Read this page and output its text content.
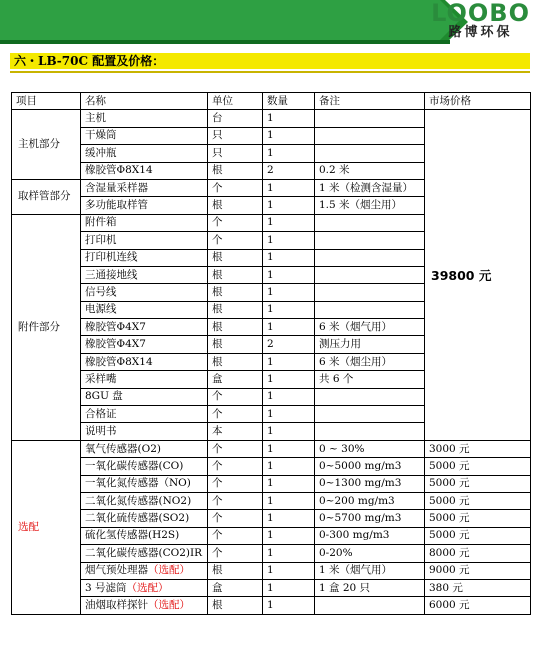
LOOBO
路博环保
六・LB-70C 配置及价格：
项目	名称	单位	数量	备注	市场价格
主机部分	主机	台	1		39800 元
	干燥筒	只	1		
	缓冲瓶	只	1		
	橡胶管Φ8X14	根	2	0.2 米	
取样管部分	含湿量采样器	个	1	1 米（检测含湿量）	
	多功能取样管	根	1	1.5 米（烟尘用）	
附件部分	附件箱	个	1		
	打印机	个	1		
	打印机连线	根	1		
	三通接地线	根	1		
	信号线	根	1		
	电源线	根	1		
	橡胶管Φ4X7	根	1	6 米（烟气用）	
	橡胶管Φ4X7	根	2	测压力用	
	橡胶管Φ8X14	根	1	6 米（烟尘用）	
	采样嘴	盒	1	共 6 个	
	8GU 盘	个	1		
	合格证	个	1		
	说明书	本	1		
选配	氧气传感器(O2)	个	1	0 ~ 30%	3000 元
	一氧化碳传感器(CO)	个	1	0~5000 mg/m3	5000 元
	一氧化氮传感器（NO)	个	1	0~1300 mg/m3	5000 元
	二氧化氮传感器(NO2)	个	1	0~200 mg/m3	5000 元
	二氧化硫传感器(SO2)	个	1	0~5700 mg/m3	5000 元
	硫化氢传感器(H2S)	个	1	0-300 mg/m3	5000 元
	二氧化碳传感器(CO2)IR	个	1	0-20%	8000 元
	烟气预处理器（选配）	根	1	1 米（烟气用）	9000 元
	3 号滤筒（选配）	盒	1	1 盒 20 只	380 元
	油烟取样探针（选配）	根	1		6000 元
